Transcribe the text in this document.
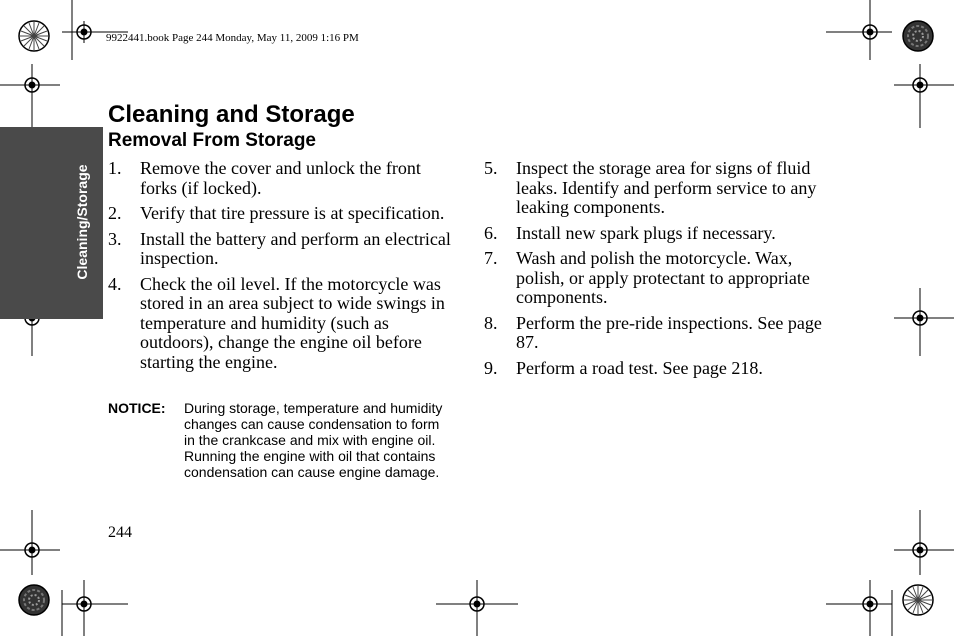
9922441.book Page 244 Monday, May 11, 2009 1:16 PM
Cleaning/Storage
Cleaning and Storage
Removal From Storage
1. Remove the cover and unlock the front forks (if locked).
2. Verify that tire pressure is at specification.
3. Install the battery and perform an electrical inspection.
4. Check the oil level. If the motorcycle was stored in an area subject to wide swings in temperature and humidity (such as outdoors), change the engine oil before starting the engine.
NOTICE: During storage, temperature and humidity changes can cause condensation to form in the crankcase and mix with engine oil. Running the engine with oil that contains condensation can cause engine damage.
5. Inspect the storage area for signs of fluid leaks. Identify and perform service to any leaking components.
6. Install new spark plugs if necessary.
7. Wash and polish the motorcycle. Wax, polish, or apply protectant to appropriate components.
8. Perform the pre-ride inspections. See page 87.
9. Perform a road test. See page 218.
244
